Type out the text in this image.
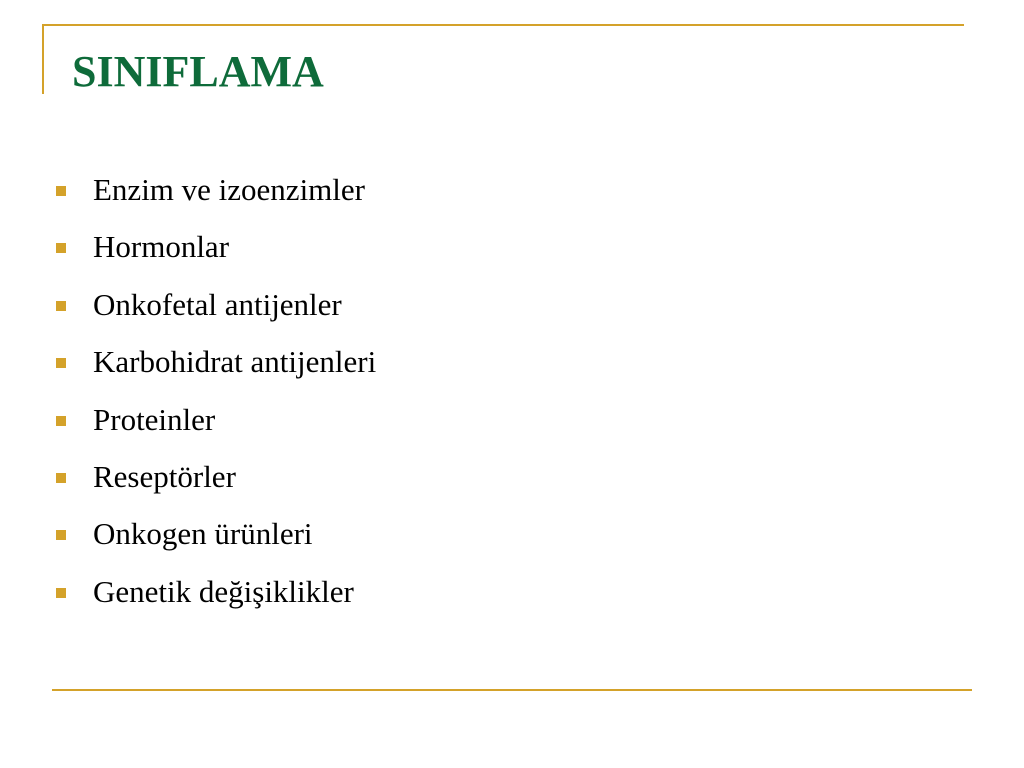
SINIFLAMA
Enzim ve izoenzimler
Hormonlar
Onkofetal antijenler
Karbohidrat antijenleri
Proteinler
Reseptörler
Onkogen ürünleri
Genetik değişiklikler
